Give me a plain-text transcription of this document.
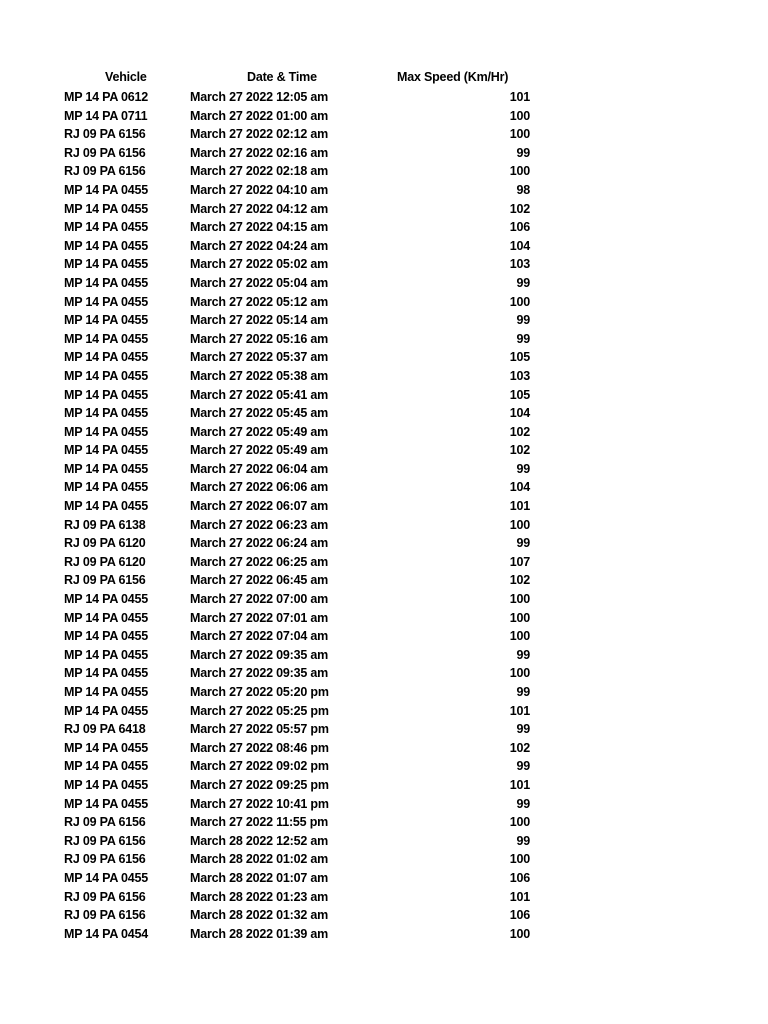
Vehicle	Date & Time	Max Speed (Km/Hr)
MP 14 PA 0612	March 27 2022 12:05 am	101
MP 14 PA 0711	March 27 2022 01:00 am	100
RJ 09 PA 6156	March 27 2022 02:12 am	100
RJ 09 PA 6156	March 27 2022 02:16 am	99
RJ 09 PA 6156	March 27 2022 02:18 am	100
MP 14 PA 0455	March 27 2022 04:10 am	98
MP 14 PA 0455	March 27 2022 04:12 am	102
MP 14 PA 0455	March 27 2022 04:15 am	106
MP 14 PA 0455	March 27 2022 04:24 am	104
MP 14 PA 0455	March 27 2022 05:02 am	103
MP 14 PA 0455	March 27 2022 05:04 am	99
MP 14 PA 0455	March 27 2022 05:12 am	100
MP 14 PA 0455	March 27 2022 05:14 am	99
MP 14 PA 0455	March 27 2022 05:16 am	99
MP 14 PA 0455	March 27 2022 05:37 am	105
MP 14 PA 0455	March 27 2022 05:38 am	103
MP 14 PA 0455	March 27 2022 05:41 am	105
MP 14 PA 0455	March 27 2022 05:45 am	104
MP 14 PA 0455	March 27 2022 05:49 am	102
MP 14 PA 0455	March 27 2022 05:49 am	102
MP 14 PA 0455	March 27 2022 06:04 am	99
MP 14 PA 0455	March 27 2022 06:06 am	104
MP 14 PA 0455	March 27 2022 06:07 am	101
RJ 09 PA 6138	March 27 2022 06:23 am	100
RJ 09 PA 6120	March 27 2022 06:24 am	99
RJ 09 PA 6120	March 27 2022 06:25 am	107
RJ 09 PA 6156	March 27 2022 06:45 am	102
MP 14 PA 0455	March 27 2022 07:00 am	100
MP 14 PA 0455	March 27 2022 07:01 am	100
MP 14 PA 0455	March 27 2022 07:04 am	100
MP 14 PA 0455	March 27 2022 09:35 am	99
MP 14 PA 0455	March 27 2022 09:35 am	100
MP 14 PA 0455	March 27 2022 05:20 pm	99
MP 14 PA 0455	March 27 2022 05:25 pm	101
RJ 09 PA 6418	March 27 2022 05:57 pm	99
MP 14 PA 0455	March 27 2022 08:46 pm	102
MP 14 PA 0455	March 27 2022 09:02 pm	99
MP 14 PA 0455	March 27 2022 09:25 pm	101
MP 14 PA 0455	March 27 2022 10:41 pm	99
RJ 09 PA 6156	March 27 2022 11:55 pm	100
RJ 09 PA 6156	March 28 2022 12:52 am	99
RJ 09 PA 6156	March 28 2022 01:02 am	100
MP 14 PA 0455	March 28 2022 01:07 am	106
RJ 09 PA 6156	March 28 2022 01:23 am	101
RJ 09 PA 6156	March 28 2022 01:32 am	106
MP 14 PA 0454	March 28 2022 01:39 am	100
